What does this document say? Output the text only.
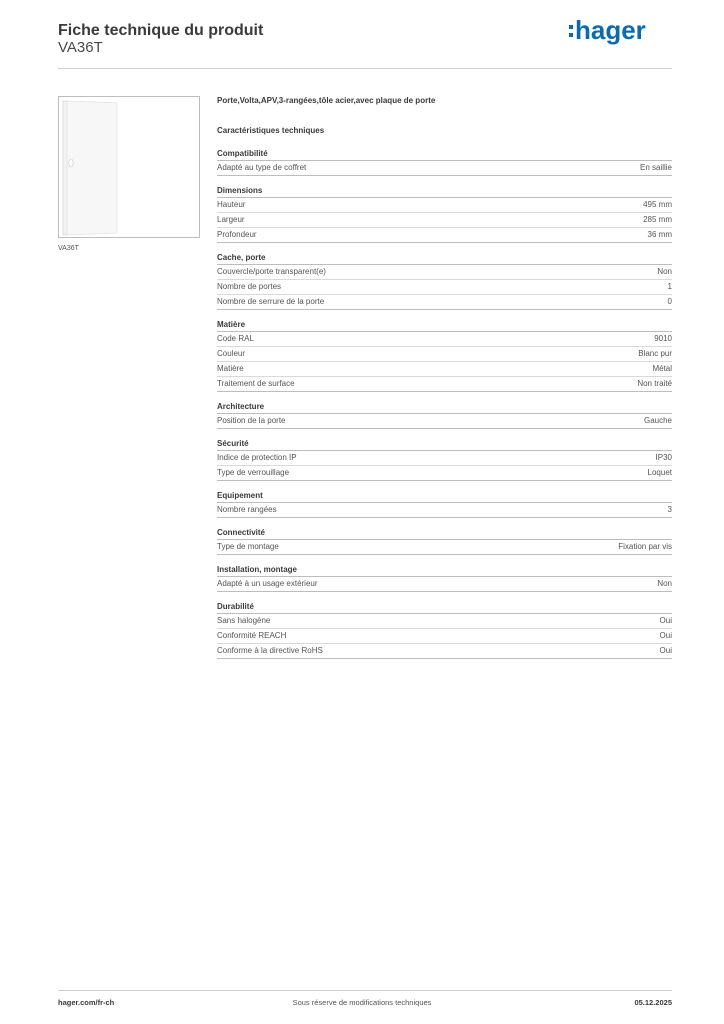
Fiche technique du produit
VA36T
hager
VA36T
Porte,Volta,APV,3-rangées,tôle acier,avec plaque de porte
Caractéristiques techniques
Compatibilité
Adapté au type de coffret	En saillie
Dimensions
Hauteur	495 mm
Largeur	285 mm
Profondeur	36 mm
Cache, porte
Couvercle/porte transparent(e)	Non
Nombre de portes	1
Nombre de serrure de la porte	0
Matière
Code RAL	9010
Couleur	Blanc pur
Matière	Métal
Traitement de surface	Non traité
Architecture
Position de la porte	Gauche
Sécurité
Indice de protection IP	IP30
Type de verrouillage	Loquet
Equipement
Nombre rangées	3
Connectivité
Type de montage	Fixation par vis
Installation, montage
Adapté à un usage extérieur	Non
Durabilité
Sans halogène	Oui
Conformité REACH	Oui
Conforme à la directive RoHS	Oui
hager.com/fr-ch	Sous réserve de modifications techniques	05.12.2025
